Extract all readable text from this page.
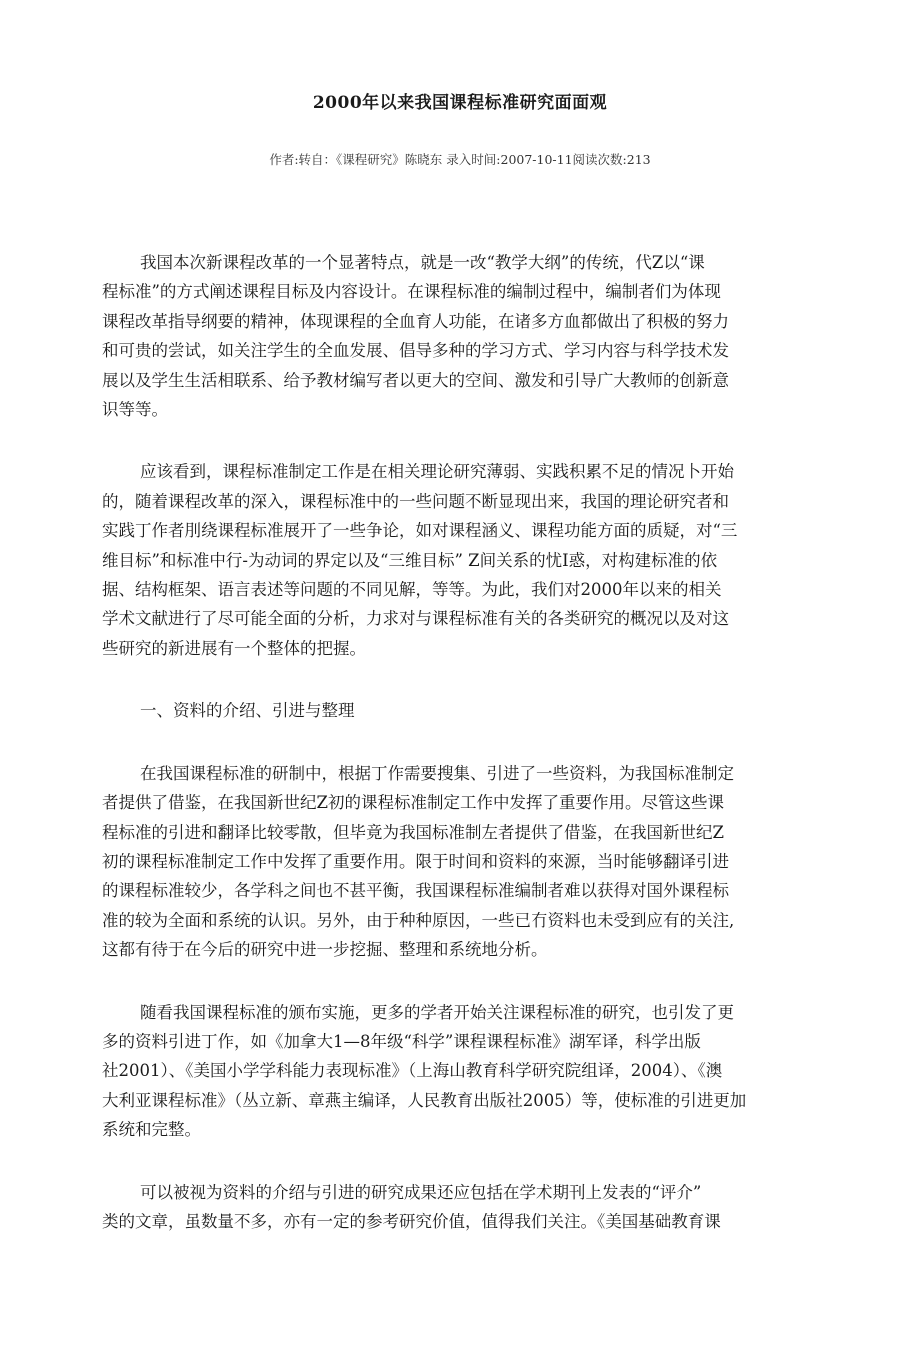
2000年以来我国课程标准研究面面观
作者:转自：《课程研究》陈晓东 录入时间:2007-10-11阅读次数:213

我国本次新课程改革的一个显著特点，就是一改“教学大纲”的传统，代Z以“课
程标准”的方式阐述课程目标及内容设计。在课程标准的编制过程中，编制者们为体现
课程改革指导纲要的精神，体现课程的全血育人功能，在诸多方血都做出了积极的努力
和可贵的尝试，如关注学生的全血发展、倡导多种的学习方式、学习内容与科学技术发
展以及学生生活相联系、给予教材编写者以更大的空间、激发和引导广大教师的创新意
识等等。

应该看到，课程标准制定工作是在相关理论研究薄弱、实践积累不足的情况卜开始
的，随着课程改革的深入，课程标准中的一些问题不断显现出来，我国的理论研究者和
实践丁作者刖绕课程标准展开了一些争论，如对课程涵义、课程功能方面的质疑，对“三
维目标”和标准中行-为动词的界定以及“三维目标” Z间关系的忧I惑，对构建标准的依
据、结构框架、语言表述等问题的不同见解，等等。为此，我们对2000年以来的相关
学术文献进行了尽可能全面的分析，力求对与课程标准有关的各类研究的概况以及对这
些研究的新进展有一个整体的把握。

一、资料的介绍、引进与整理

在我国课程标准的研制中，根据丁作需要搜集、引进了一些资料，为我国标准制定
者提供了借鉴，在我国新世纪Z初的课程标准制定工作中发挥了重要作用。尽管这些课
程标准的引进和翻译比较零散，但毕竟为我国标准制左者提供了借鉴，在我国新世纪Z
初的课程标准制定工作中发挥了重要作用。限于时间和资料的來源，当时能够翻译引进
的课程标准较少，各学科之间也不甚平衡，我国课程标准编制者难以获得对国外课程标
准的较为全面和系统的认识。另外，由于种种原因，一些已冇资料也未受到应有的关注,
这都有待于在今后的研究中进一步挖掘、整理和系统地分析。

随看我国课程标准的颁布实施，更多的学者开始关注课程标准的研究，也引发了更
多的资料引进丁作，如《加拿大1—8年级“科学”课程课程标准》湖军译，科学出版
社2001）、《美国小学学科能力表现标准》（上海山教育科学研究院组译，2004）、《澳
大利亚课程标准》（丛立新、章燕主编译，人民教育出版社2005）等，使标准的引进更加
系统和完整。

可以被视为资料的介绍与引进的研究成果还应包括在学术期刊上发表的“评介”
类的文章，虽数量不多，亦有一定的参考研究价值，值得我们关注。《美国基础教育课
